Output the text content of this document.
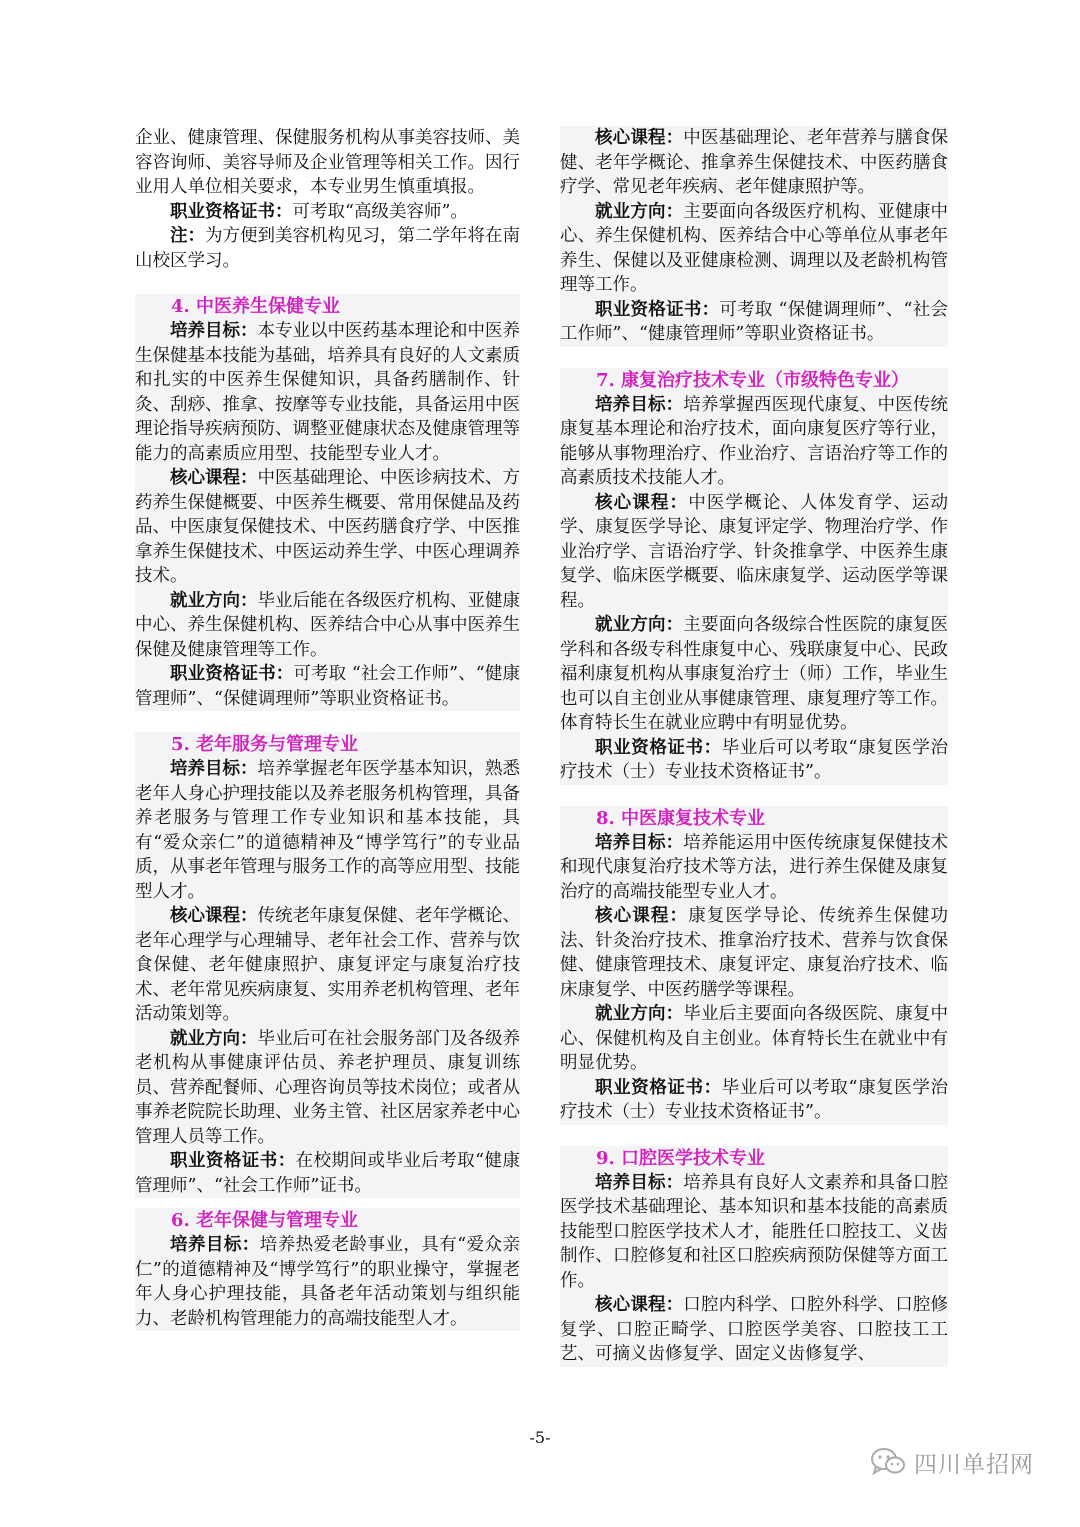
企业、健康管理、保健服务机构从事美容技师、美容咨询师、美容导师及企业管理等相关工作。因行业用人单位相关要求，本专业男生慎重填报。

职业资格证书：可考取“高级美容师”。

注：为方便到美容机构见习，第二学年将在南山校区学习。

4. 中医养生保健专业

培养目标：本专业以中医药基本理论和中医养生保健基本技能为基础，培养具有良好的人文素质和扎实的中医养生保健知识，具备药膳制作、针灸、刮痧、推拿、按摩等专业技能，具备运用中医理论指导疾病预防、调整亚健康状态及健康管理等能力的高素质应用型、技能型专业人才。

核心课程：中医基础理论、中医诊病技术、方药养生保健概要、中医养生概要、常用保健品及药品、中医康复保健技术、中医药膳食疗学、中医推拿养生保健技术、中医运动养生学、中医心理调养技术。

就业方向：毕业后能在各级医疗机构、亚健康中心、养生保健机构、医养结合中心从事中医养生保健及健康管理等工作。

职业资格证书：可考取 “社会工作师”、“健康管理师”、“保健调理师”等职业资格证书。

5. 老年服务与管理专业

培养目标：培养掌握老年医学基本知识，熟悉老年人身心护理技能以及养老服务机构管理，具备养老服务与管理工作专业知识和基本技能，具有“爱众亲仁”的道德精神及“博学笃行”的专业品质，从事老年管理与服务工作的高等应用型、技能型人才。

核心课程：传统老年康复保健、老年学概论、老年心理学与心理辅导、老年社会工作、营养与饮食保健、老年健康照护、康复评定与康复治疗技术、老年常见疾病康复、实用养老机构管理、老年活动策划等。

就业方向：毕业后可在社会服务部门及各级养老机构从事健康评估员、养老护理员、康复训练员、营养配餐师、心理咨询员等技术岗位；或者从事养老院院长助理、业务主管、社区居家养老中心管理人员等工作。

职业资格证书：在校期间或毕业后考取“健康管理师”、“社会工作师”证书。

6. 老年保健与管理专业

培养目标：培养热爱老龄事业，具有“爱众亲仁”的道德精神及“博学笃行”的职业操守，掌握老年人身心护理技能，具备老年活动策划与组织能力、老龄机构管理能力的高端技能型人才。

核心课程：中医基础理论、老年营养与膳食保健、老年学概论、推拿养生保健技术、中医药膳食疗学、常见老年疾病、老年健康照护等。

就业方向：主要面向各级医疗机构、亚健康中心、养生保健机构、医养结合中心等单位从事老年养生、保健以及亚健康检测、调理以及老龄机构管理等工作。

职业资格证书：可考取 “保健调理师”、“社会工作师”、“健康管理师”等职业资格证书。

7. 康复治疗技术专业（市级特色专业）

培养目标：培养掌握西医现代康复、中医传统康复基本理论和治疗技术，面向康复医疗等行业，能够从事物理治疗、作业治疗、言语治疗等工作的高素质技术技能人才。

核心课程：中医学概论、人体发育学、运动学、康复医学导论、康复评定学、物理治疗学、作业治疗学、言语治疗学、针灸推拿学、中医养生康复学、临床医学概要、临床康复学、运动医学等课程。

就业方向：主要面向各级综合性医院的康复医学科和各级专科性康复中心、残联康复中心、民政福利康复机构从事康复治疗士（师）工作，毕业生也可以自主创业从事健康管理、康复理疗等工作。体育特长生在就业应聘中有明显优势。

职业资格证书：毕业后可以考取“康复医学治疗技术（士）专业技术资格证书”。

8. 中医康复技术专业

培养目标：培养能运用中医传统康复保健技术和现代康复治疗技术等方法，进行养生保健及康复治疗的高端技能型专业人才。

核心课程：康复医学导论、传统养生保健功法、针灸治疗技术、推拿治疗技术、营养与饮食保健、健康管理技术、康复评定、康复治疗技术、临床康复学、中医药膳学等课程。

就业方向：毕业后主要面向各级医院、康复中心、保健机构及自主创业。体育特长生在就业中有明显优势。

职业资格证书：毕业后可以考取“康复医学治疗技术（士）专业技术资格证书”。

9. 口腔医学技术专业

培养目标：培养具有良好人文素养和具备口腔医学技术基础理论、基本知识和基本技能的高素质技能型口腔医学技术人才，能胜任口腔技工、义齿制作、口腔修复和社区口腔疾病预防保健等方面工作。

核心课程：口腔内科学、口腔外科学、口腔修复学、口腔正畸学、口腔医学美容、口腔技工工艺、可摘义齿修复学、固定义齿修复学、

-5-
四川单招网
